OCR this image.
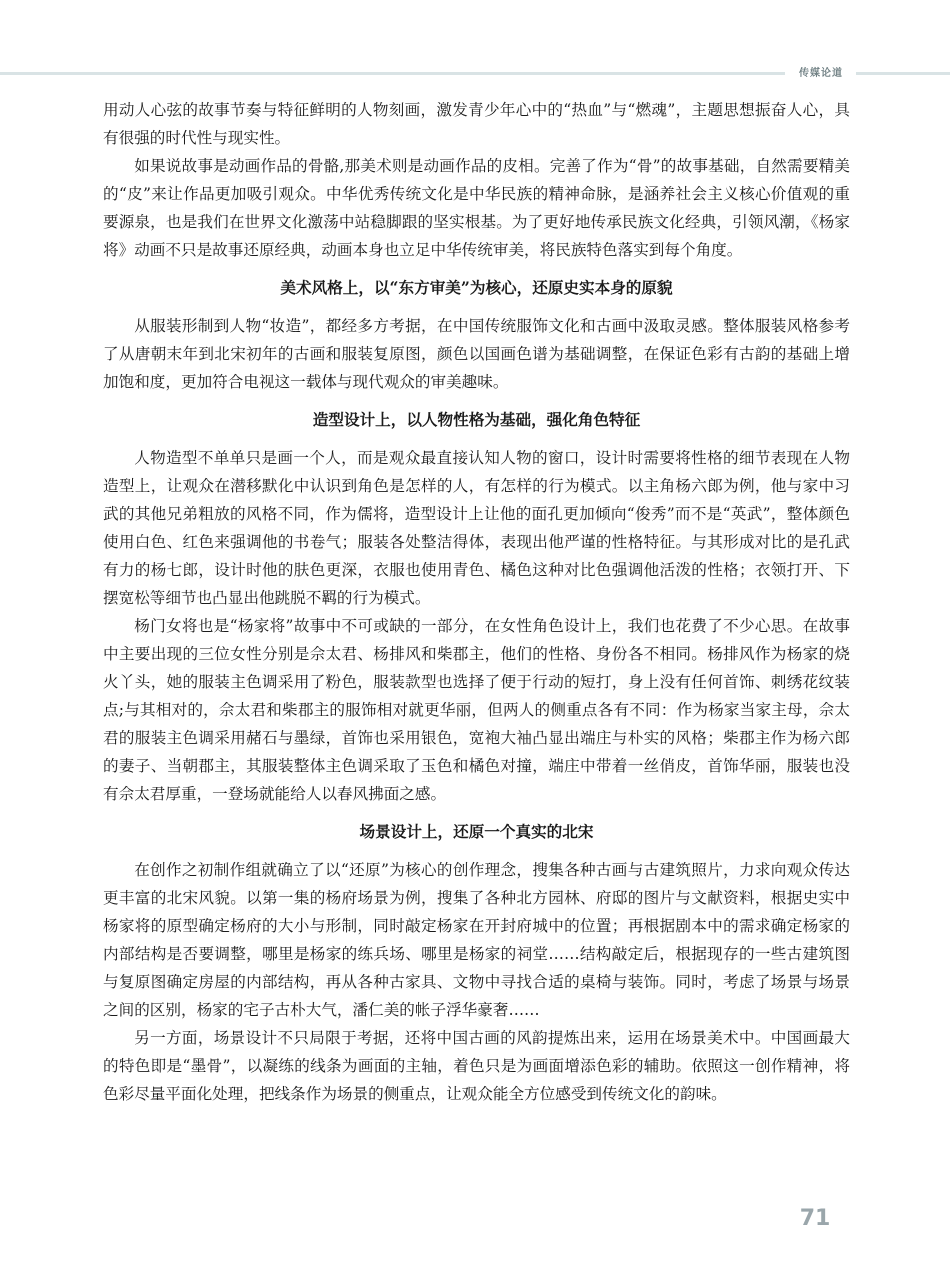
传媒论道

用动人心弦的故事节奏与特征鲜明的人物刻画，激发青少年心中的“热血”与“燃魂”，主题思想振奋人心，具有很强的时代性与现实性。

如果说故事是动画作品的骨骼,那美术则是动画作品的皮相。完善了作为“骨”的故事基础，自然需要精美的“皮”来让作品更加吸引观众。中华优秀传统文化是中华民族的精神命脉，是涵养社会主义核心价值观的重要源泉，也是我们在世界文化激荡中站稳脚跟的坚实根基。为了更好地传承民族文化经典，引领风潮，《杨家将》动画不只是故事还原经典，动画本身也立足中华传统审美，将民族特色落实到每个角度。

美术风格上，以“东方审美”为核心，还原史实本身的原貌

从服装形制到人物“妆造”，都经多方考据，在中国传统服饰文化和古画中汲取灵感。整体服装风格参考了从唐朝末年到北宋初年的古画和服装复原图，颜色以国画色谱为基础调整，在保证色彩有古韵的基础上增加饱和度，更加符合电视这一载体与现代观众的审美趣味。

造型设计上，以人物性格为基础，强化角色特征

人物造型不单单只是画一个人，而是观众最直接认知人物的窗口，设计时需要将性格的细节表现在人物造型上，让观众在潜移默化中认识到角色是怎样的人，有怎样的行为模式。以主角杨六郎为例，他与家中习武的其他兄弟粗放的风格不同，作为儒将，造型设计上让他的面孔更加倾向“俊秀”而不是“英武”，整体颜色使用白色、红色来强调他的书卷气；服装各处整洁得体，表现出他严谨的性格特征。与其形成对比的是孔武有力的杨七郎，设计时他的肤色更深，衣服也使用青色、橘色这种对比色强调他活泼的性格；衣领打开、下摆宽松等细节也凸显出他跳脱不羁的行为模式。

杨门女将也是“杨家将”故事中不可或缺的一部分，在女性角色设计上，我们也花费了不少心思。在故事中主要出现的三位女性分别是佘太君、杨排风和柴郡主，他们的性格、身份各不相同。杨排风作为杨家的烧火丫头，她的服装主色调采用了粉色，服装款型也选择了便于行动的短打，身上没有任何首饰、刺绣花纹装点;与其相对的，佘太君和柴郡主的服饰相对就更华丽，但两人的侧重点各有不同：作为杨家当家主母，佘太君的服装主色调采用赭石与墨绿，首饰也采用银色，宽袍大袖凸显出端庄与朴实的风格；柴郡主作为杨六郎的妻子、当朝郡主，其服装整体主色调采取了玉色和橘色对撞，端庄中带着一丝俏皮，首饰华丽，服装也没有佘太君厚重，一登场就能给人以春风拂面之感。

场景设计上，还原一个真实的北宋

在创作之初制作组就确立了以“还原”为核心的创作理念，搜集各种古画与古建筑照片，力求向观众传达更丰富的北宋风貌。以第一集的杨府场景为例，搜集了各种北方园林、府邸的图片与文献资料，根据史实中杨家将的原型确定杨府的大小与形制，同时敲定杨家在开封府城中的位置；再根据剧本中的需求确定杨家的内部结构是否要调整，哪里是杨家的练兵场、哪里是杨家的祠堂……结构敲定后，根据现存的一些古建筑图与复原图确定房屋的内部结构，再从各种古家具、文物中寻找合适的桌椅与装饰。同时，考虑了场景与场景之间的区别，杨家的宅子古朴大气，潘仁美的帐子浮华豪奢……

另一方面，场景设计不只局限于考据，还将中国古画的风韵提炼出来，运用在场景美术中。中国画最大的特色即是“墨骨”，以凝练的线条为画面的主轴，着色只是为画面增添色彩的辅助。依照这一创作精神，将色彩尽量平面化处理，把线条作为场景的侧重点，让观众能全方位感受到传统文化的韵味。

71
